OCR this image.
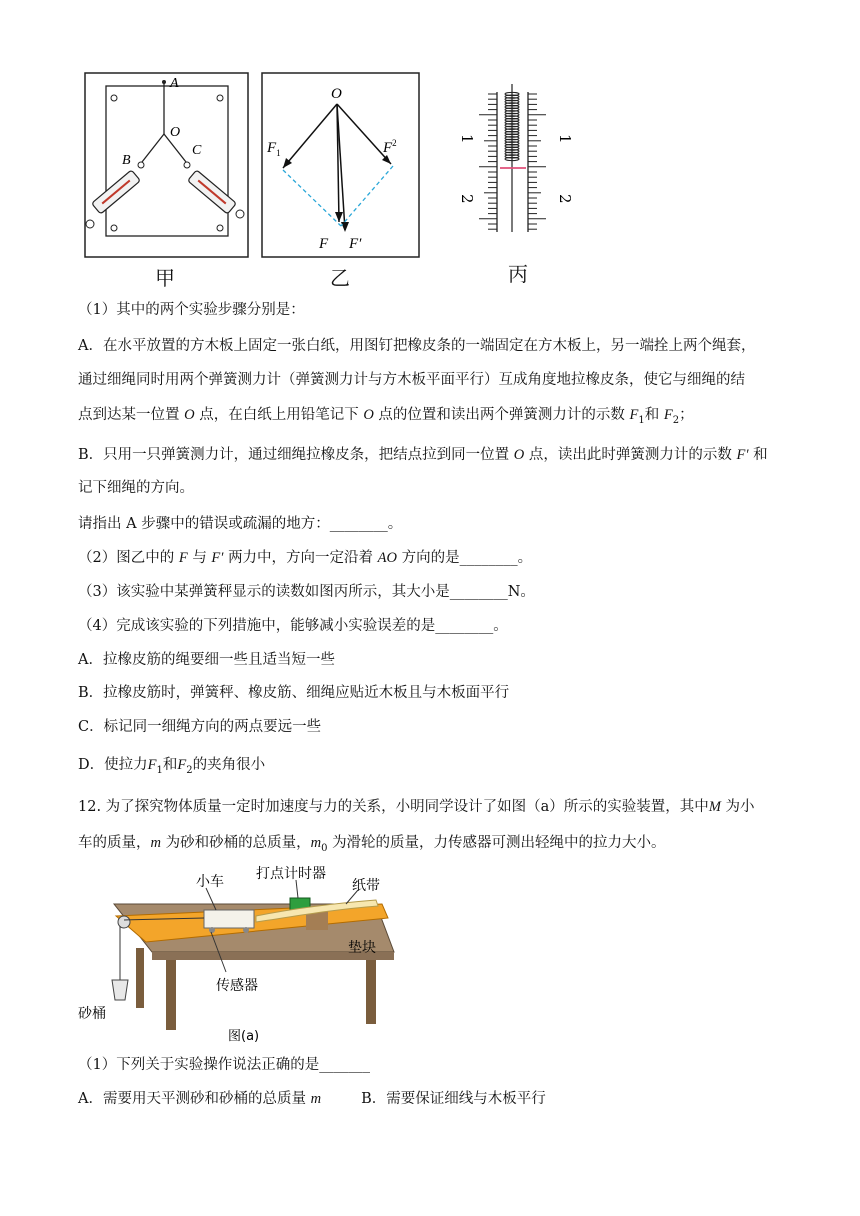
A
O
B
C
甲
O
$F_1$	$F^2$
F F′
乙
1
2
1
2
丙
（1）其中的两个实验步骤分别是：
A．在水平放置的方木板上固定一张白纸，用图钉把橡皮条的一端固定在方木板上，另一端拴上两个绳套，
通过细绳同时用两个弹簧测力计（弹簧测力计与方木板平面平行）互成角度地拉橡皮条，使它与细绳的结
点到达某一位置 O 点，在白纸上用铅笔记下 O 点的位置和读出两个弹簧测力计的示数 $F_1$和 $F_2$；
B．只用一只弹簧测力计，通过细绳拉橡皮条，把结点拉到同一位置 O 点，读出此时弹簧测力计的示数 F′ 和
记下细绳的方向。
请指出 A 步骤中的错误或疏漏的地方：________。
（2）图乙中的 F 与 F′ 两力中，方向一定沿着 AO 方向的是________。
（3）该实验中某弹簧秤显示的读数如图丙所示，其大小是________N。
（4）完成该实验的下列措施中，能够减小实验误差的是________。
A．拉橡皮筋的绳要细一些且适当短一些
B．拉橡皮筋时，弹簧秤、橡皮筋、细绳应贴近木板且与木板面平行
C．标记同一细绳方向的两点要远一些
D．使拉力$F_1$和$F_2$的夹角很小
12. 为了探究物体质量一定时加速度与力的关系，小明同学设计了如图（a）所示的实验装置，其中M 为小
车的质量，m 为砂和砂桶的总质量，$m_0$ 为滑轮的质量，力传感器可测出轻绳中的拉力大小。
小车 打点计时器
纸带
垫块
传感器
砂桶
图(a)
（1）下列关于实验操作说法正确的是_______
A．需要用天平测砂和砂桶的总质量 m	B．需要保证细线与木板平行
